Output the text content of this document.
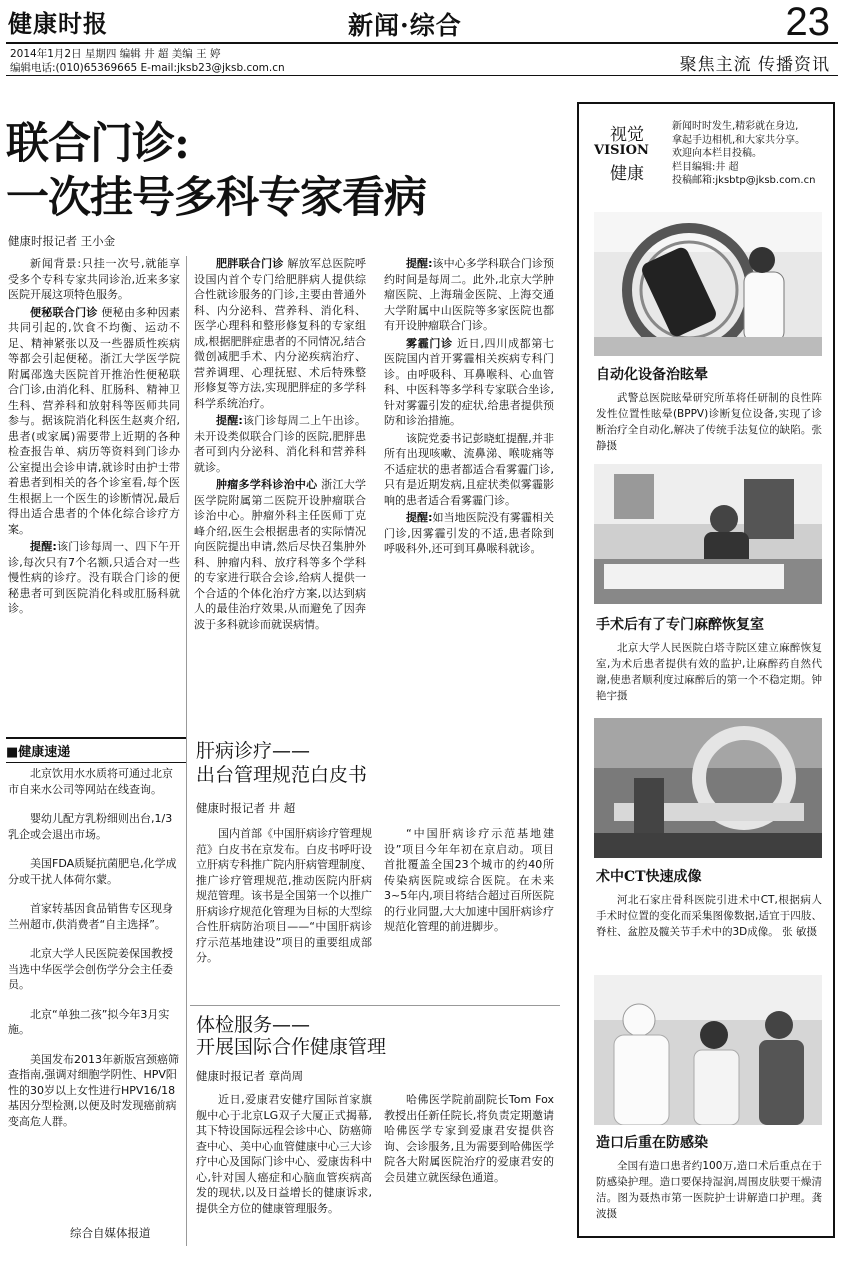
健康时报	新闻·综合	23
2014年1月2日 星期四 编辑 井 超 美编 王 婷
编辑电话:(010)65369665 E-mail:jksb23@jksb.com.cn	聚焦主流 传播资讯
联合门诊:
一次挂号多科专家看病
健康时报记者 王小金

新闻背景:只挂一次号,就能享受多个专科专家共同诊治,近来多家医院开展这项特色服务。

便秘联合门诊 便秘由多种因素共同引起的,饮食不均衡、运动不足、精神紧张以及一些器质性疾病等都会引起便秘。浙江大学医学院附属邵逸夫医院首开推治性便秘联合门诊,由消化科、肛肠科、精神卫生科、营养科和放射科等医师共同参与。据该院消化科医生赵爽介绍,患者(或家属)需要带上近期的各种检查报告单、病历等资料到门诊办公室提出会诊申请,就诊时由护士带着患者到相关的各个诊室看,每个医生根据上一个医生的诊断情况,最后得出适合患者的个体化综合诊疗方案。

提醒:该门诊每周一、四下午开诊,每次只有7个名额,只适合对一些慢性病的诊疗。没有联合门诊的便秘患者可到医院消化科或肛肠科就诊。

肥胖联合门诊 解放军总医院呼设国内首个专门给肥胖病人提供综合性就诊服务的门诊,主要由普通外科、内分泌科、营养科、消化科、医学心理科和整形修复科的专家组成,根据肥胖症患者的不同情况,结合微创减肥手术、内分泌疾病治疗、营养调理、心理抚慰、术后特殊整形修复等方法,实现肥胖症的多学科科学系统治疗。

提醒:该门诊每周二上午出诊。未开设类似联合门诊的医院,肥胖患者可到内分泌科、消化科和营养科就诊。

肿瘤多学科诊治中心 浙江大学医学院附属第二医院开设肿瘤联合诊治中心。肿瘤外科主任医师丁克峰介绍,医生会根据患者的实际情况向医院提出申请,然后尽快召集肿外科、肿瘤内科、放疗科等多个学科的专家进行联合会诊,给病人提供一个合适的个体化治疗方案,以达到病人的最佳治疗效果,从而避免了因奔波于多科就诊而就误病情。

提醒:该中心多学科联合门诊预约时间是每周二。此外,北京大学肿瘤医院、上海瑞金医院、上海交通大学附属中山医院等多家医院也都有开设肿瘤联合门诊。

雾霾门诊 近日,四川成都第七医院国内首开雾霾相关疾病专科门诊。由呼吸科、耳鼻喉科、心血管科、中医科等多学科专家联合坐诊,针对雾霾引发的症状,给患者提供预防和诊治措施。

该院党委书记彭晓虹提醒,并非所有出现咳嗽、流鼻涕、喉咙痛等不适症状的患者都适合看雾霾门诊,只有是近期发病,且症状类似雾霾影响的患者适合看雾霾门诊。

提醒:如当地医院没有雾霾相关门诊,因雾霾引发的不适,患者除到呼吸科外,还可到耳鼻喉科就诊。

■健康速递

北京饮用水水质将可通过北京市自来水公司等网站在线查询。

婴幼儿配方乳粉细则出台,1/3乳企或会退出市场。

美国FDA质疑抗菌肥皂,化学成分或干扰人体荷尔蒙。

首家转基因食品销售专区现身兰州超市,供消费者“自主选择”。

北京大学人民医院姜保国教授当选中华医学会创伤学分会主任委员。

北京“单独二孩”拟今年3月实施。

美国发布2013年新版宫颈癌筛查指南,强调对细胞学阴性、HPV阳性的30岁以上女性进行HPV16/18基因分型检测,以便及时发现癌前病变高危人群。

综合自媒体报道
肝病诊疗——
出台管理规范白皮书
健康时报记者 井 超

国内首部《中国肝病诊疗管理规范》白皮书在京发布。白皮书呼吁设立肝病专科推广院内肝病管理制度、推广诊疗管理规范,推动医院内肝病规范管理。该书是全国第一个以推广肝病诊疗规范化管理为目标的大型综合性肝病防治项目——“中国肝病诊疗示范基地建设”项目的重要组成部分。

“中国肝病诊疗示范基地建设”项目今年年初在京启动。项目首批覆盖全国23个城市的约40所传染病医院或综合医院。在未来3~5年内,项目将结合超过百所医院的行业同盟,大大加速中国肝病诊疗规范化管理的前进脚步。

体检服务——
开展国际合作健康管理
健康时报记者 章尚周

近日,爱康君安健疗国际首家旗舰中心于北京LG双子大厦正式揭幕,其下特设国际远程会诊中心、防癌筛查中心、美中心血管健康中心三大诊疗中心及国际门诊中心、爱康齿科中心,针对国人癌症和心脑血管疾病高发的现状,以及日益增长的健康诉求,提供全方位的健康管理服务。

哈佛医学院前副院长Tom Fox教授出任新任院长,将负责定期邀请哈佛医学专家到爱康君安提供咨询、会诊服务,且为需要到哈佛医学院各大附属医院治疗的爱康君安的会员建立就医绿色通道。

视觉
VISION
健康

新闻时时发生,精彩就在身边,

拿起手边相机,和大家共分享。

欢迎向本栏目投稿。

栏目编辑:井 超

投稿邮箱:jksbtp@jksb.com.cn

自动化设备治眩晕

武警总医院眩晕研究所革将任研制的良性阵发性位置性眩晕(BPPV)诊断复位设备,实现了诊断治疗全自动化,解决了传统手法复位的缺陷。张静摄

手术后有了专门麻醉恢复室

北京大学人民医院白塔寺院区建立麻醉恢复室,为术后患者提供有效的监护,让麻醉药自然代谢,使患者顺利度过麻醉后的第一个不稳定期。钟艳宇摄

术中CT快速成像

河北石家庄骨科医院引进术中CT,根据病人手术时位置的变化而采集图像数据,适宜于四肢、脊柱、盆腔及髋关节手术中的3D成像。 张 敏摄

造口后重在防感染

全国有造口患者约100万,造口术后重点在于防感染护理。造口要保持湿润,周围皮肤要干燥清洁。图为聂热市第一医院护士讲解造口护理。龚 波摄
